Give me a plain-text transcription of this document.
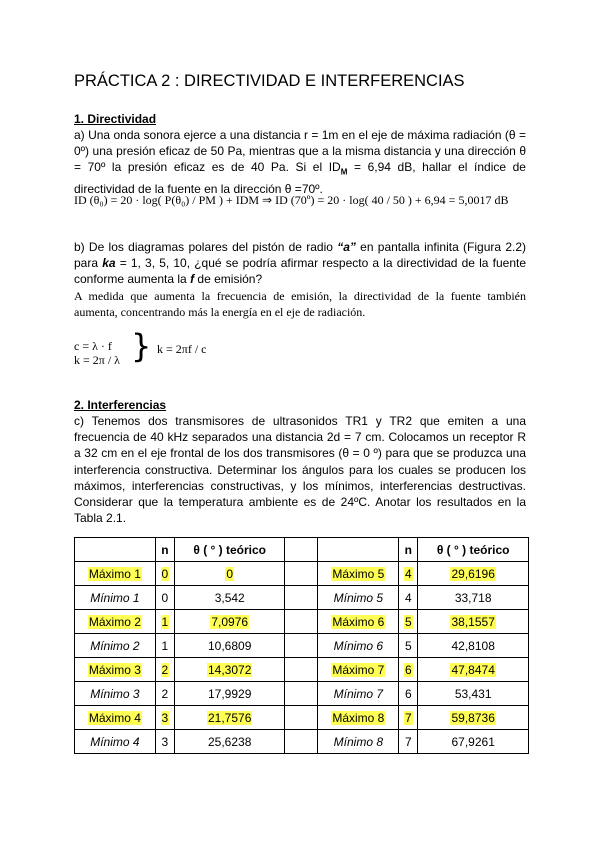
PRÁCTICA 2 : DIRECTIVIDAD E INTERFERENCIAS
1. Directividad

a) Una onda sonora ejerce a una distancia r = 1m en el eje de máxima radiación (θ = 0º) una presión eficaz de 50 Pa, mientras que a la misma distancia y una dirección θ = 70º la presión eficaz es de 40 Pa. Si el $ID_M = 6,94$ dB, hallar el índice de directividad de la fuente en la dirección θ =70º.

ID (θ₀) = 20 · log( P(θ₀) / PM ) + IDM ⇒ ID (70º) = 20 · log( 40 / 50 ) + 6,94 = 5,0017 dB

b) De los diagramas polares del pistón de radio “a” en pantalla infinita (Figura 2.2) para ka = 1, 3, 5, 10, ¿qué se podría afirmar respecto a la directividad de la fuente conforme aumenta la f de emisión?

A medida que aumenta la frecuencia de emisión, la directividad de la fuente también aumenta, concentrando más la energía en el eje de radiación.

c = λ · f
k = 2π / λ } k = 2πf / c
2. Interferencias

c) Tenemos dos transmisores de ultrasonidos TR1 y TR2 que emiten a una frecuencia de 40 kHz separados una distancia 2d = 7 cm. Colocamos un receptor R a 32 cm en el eje frontal de los dos transmisores (θ = 0 º) para que se produzca una interferencia constructiva. Determinar los ángulos para los cuales se producen los máximos, interferencias constructivas, y los mínimos, interferencias destructivas. Considerar que la temperatura ambiente es de 24ºC. Anotar los resultados en la Tabla 2.1.

	n	θ ( ° ) teórico			n	θ ( ° ) teórico
Máximo 1	0	0		Máximo 5	4	29,6196
Mínimo 1	0	3,542		Mínimo 5	4	33,718
Máximo 2	1	7,0976		Máximo 6	5	38,1557
Mínimo 2	1	10,6809		Mínimo 6	5	42,8108
Máximo 3	2	14,3072		Máximo 7	6	47,8474
Mínimo 3	2	17,9929		Mínimo 7	6	53,431
Máximo 4	3	21,7576		Máximo 8	7	59,8736
Mínimo 4	3	25,6238		Mínimo 8	7	67,9261
